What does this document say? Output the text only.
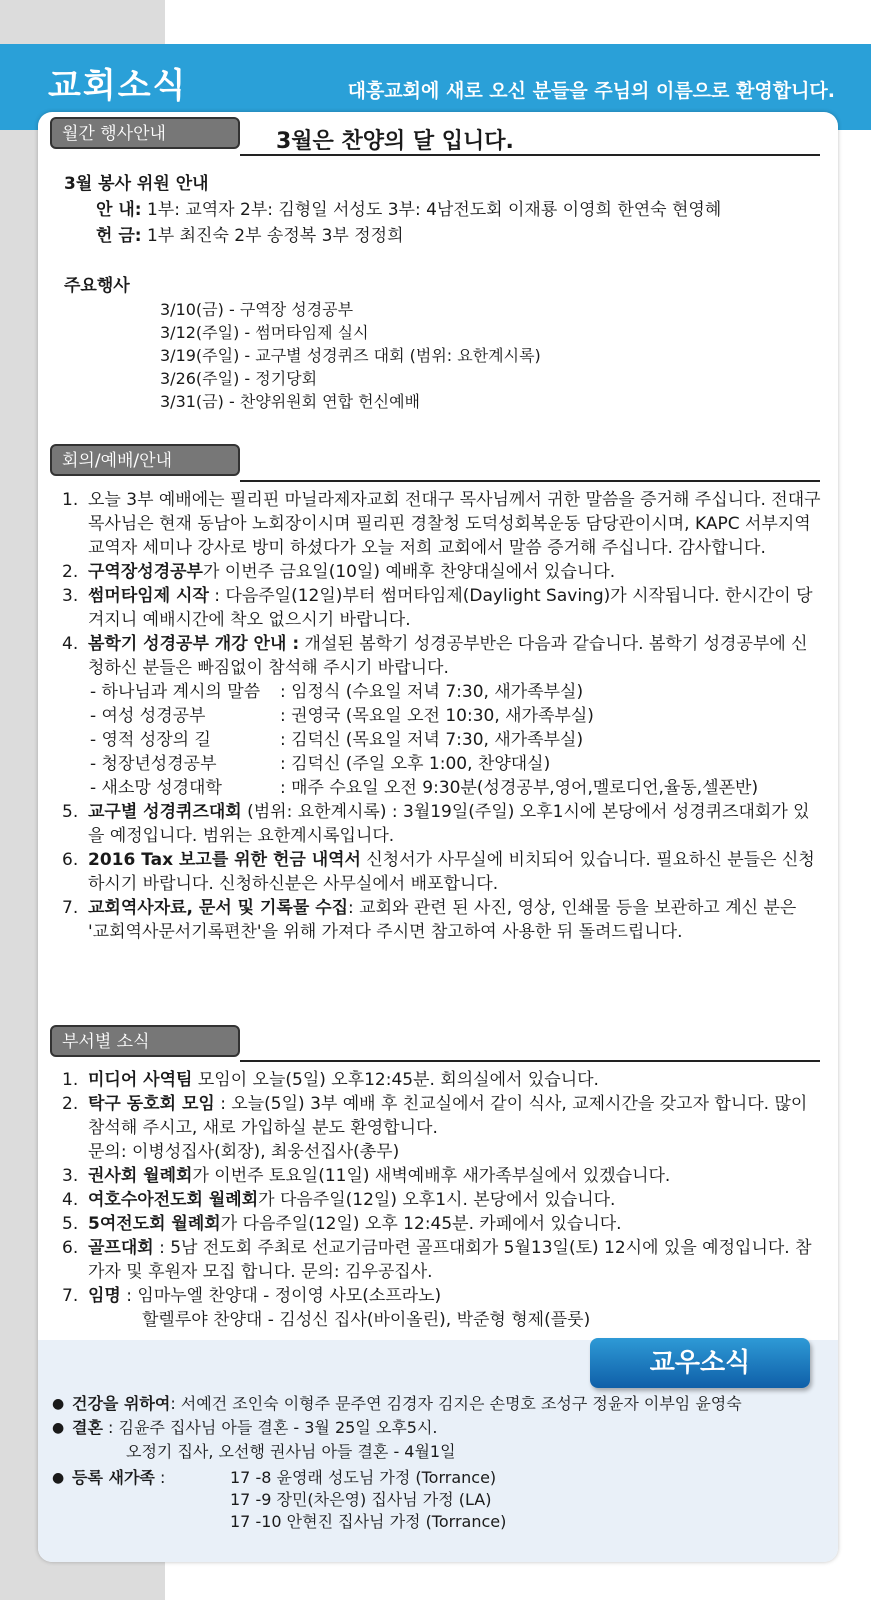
교회소식	대흥교회에 새로 오신 분들을 주님의 이름으로 환영합니다.
월간 행사안내	3월은 찬양의 달 입니다.
3월 봉사 위원 안내
안 내: 1부: 교역자 2부: 김형일 서성도 3부: 4남전도회 이재룡 이영희 한연숙 현영혜
헌 금: 1부 최진숙 2부 송정복 3부 정정희
주요행사
3/10(금) - 구역장 성경공부
3/12(주일) - 썸머타임제 실시
3/19(주일) - 교구별 성경퀴즈 대회 (범위: 요한계시록)
3/26(주일) - 정기당회
3/31(금) - 찬양위원회 연합 헌신예배
회의/예배/안내
1. 오늘 3부 예배에는 필리핀 마닐라제자교회 전대구 목사님께서 귀한 말씀을 증거해 주십니다. 전대구 목사님은 현재 동남아 노회장이시며 필리핀 경찰청 도덕성회복운동 담당관이시며, KAPC 서부지역 교역자 세미나 강사로 방미 하셨다가 오늘 저희 교회에서 말씀 증거해 주십니다. 감사합니다.
2. 구역장성경공부가 이번주 금요일(10일) 예배후 찬양대실에서 있습니다.
3. 썸머타임제 시작 : 다음주일(12일)부터 썸머타임제(Daylight Saving)가 시작됩니다. 한시간이 당겨지니 예배시간에 착오 없으시기 바랍니다.
4. 봄학기 성경공부 개강 안내 : 개설된 봄학기 성경공부반은 다음과 같습니다. 봄학기 성경공부에 신청하신 분들은 빠짐없이 참석해 주시기 바랍니다.
- 하나님과 계시의 말씀 : 임정식 (수요일 저녁 7:30, 새가족부실)
- 여성 성경공부	: 권영국 (목요일 오전 10:30, 새가족부실)
- 영적 성장의 길	: 김덕신 (목요일 저녁 7:30, 새가족부실)
- 청장년성경공부	: 김덕신 (주일 오후 1:00, 찬양대실)
- 새소망 성경대학	: 매주 수요일 오전 9:30분(성경공부,영어,멜로디언,율동,셀폰반)
5. 교구별 성경퀴즈대회 (범위: 요한계시록) : 3월19일(주일) 오후1시에 본당에서 성경퀴즈대회가 있을 예정입니다. 범위는 요한계시록입니다.
6. 2016 Tax 보고를 위한 헌금 내역서 신청서가 사무실에 비치되어 있습니다. 필요하신 분들은 신청하시기 바랍니다. 신청하신분은 사무실에서 배포합니다.
7. 교회역사자료, 문서 및 기록물 수집: 교회와 관련 된 사진, 영상, 인쇄물 등을 보관하고 계신 분은 '교회역사문서기록편찬'을 위해 가져다 주시면 참고하여 사용한 뒤 돌려드립니다.
부서별 소식
1. 미디어 사역팀 모임이 오늘(5일) 오후12:45분. 회의실에서 있습니다.
2. 탁구 동호회 모임 : 오늘(5일) 3부 예배 후 친교실에서 같이 식사, 교제시간을 갖고자 합니다. 많이 참석해 주시고, 새로 가입하실 분도 환영합니다.
문의: 이병성집사(회장), 최웅선집사(총무)
3. 권사회 월례회가 이번주 토요일(11일) 새벽예배후 새가족부실에서 있겠습니다.
4. 여호수아전도회 월례회가 다음주일(12일) 오후1시. 본당에서 있습니다.
5. 5여전도회 월례회가 다음주일(12일) 오후 12:45분. 카페에서 있습니다.
6. 골프대회 : 5남 전도회 주최로 선교기금마련 골프대회가 5월13일(토) 12시에 있을 예정입니다. 참가자 및 후원자 모집 합니다. 문의: 김우공집사.
7. 임명 : 임마누엘 찬양대 - 정이영 사모(소프라노)
할렐루야 찬양대 - 김성신 집사(바이올린), 박준형 형제(플룻)
교우소식
● 건강을 위하여: 서예건 조인숙 이형주 문주연 김경자 김지은 손명호 조성구 정윤자 이부임 윤영숙
● 결혼 : 김윤주 집사님 아들 결혼 - 3월 25일 오후5시.
오정기 집사, 오선행 권사님 아들 결혼 - 4월1일
● 등록 새가족 :	17 -8 윤영래 성도님 가정 (Torrance)
17 -9 장민(차은영) 집사님 가정 (LA)
17 -10 안현진 집사님 가정 (Torrance)
